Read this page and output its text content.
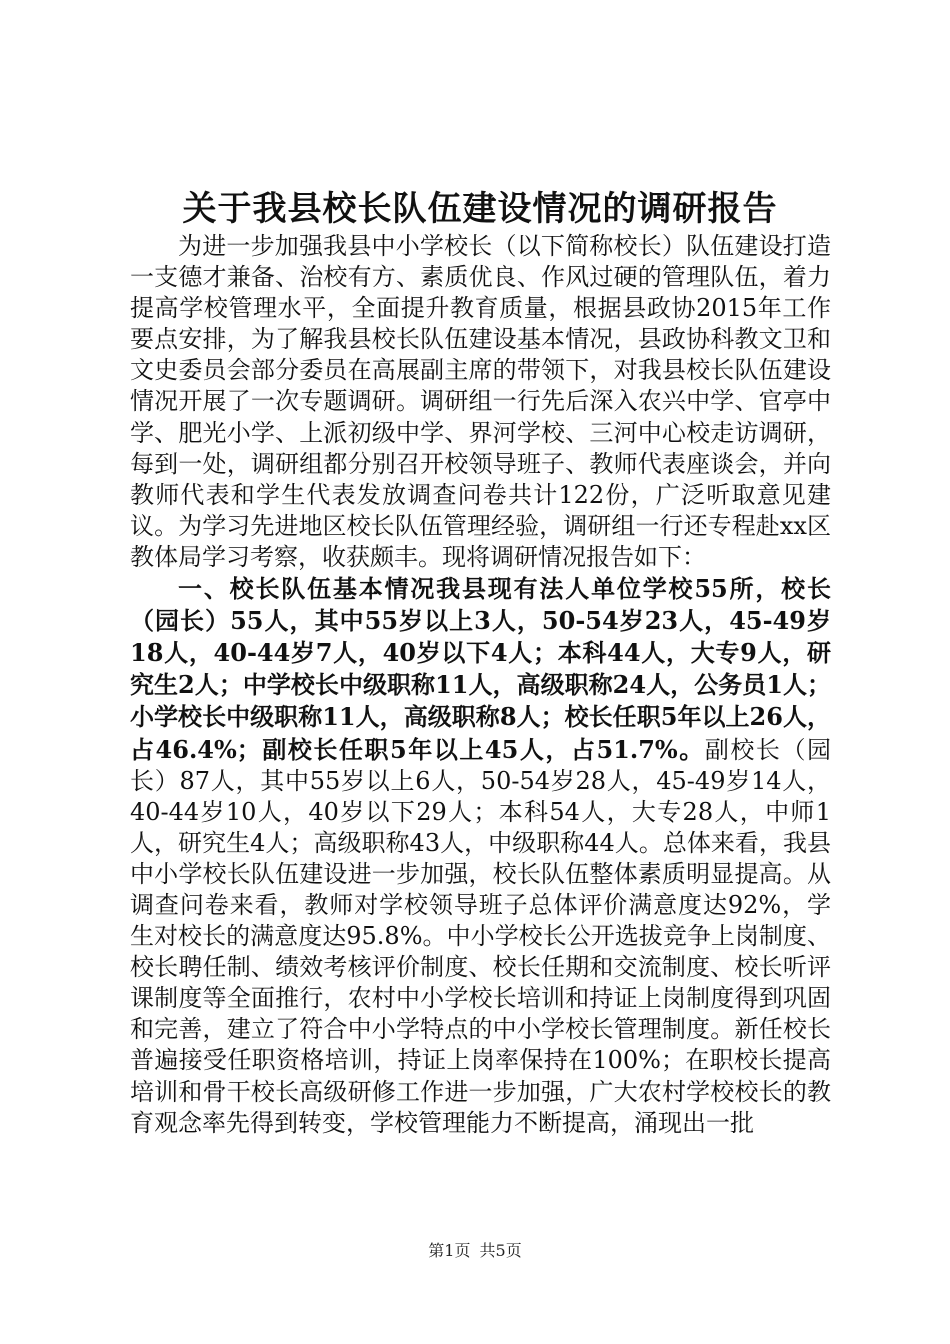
关于我县校长队伍建设情况的调研报告

为进一步加强我县中小学校长（以下简称校长）队伍建设打造一支德才兼备、治校有方、素质优良、作风过硬的管理队伍，着力提高学校管理水平，全面提升教育质量，根据县政协2015年工作要点安排，为了解我县校长队伍建设基本情况，县政协科教文卫和文史委员会部分委员在高展副主席的带领下，对我县校长队伍建设情况开展了一次专题调研。调研组一行先后深入农兴中学、官亭中学、肥光小学、上派初级中学、界河学校、三河中心校走访调研，每到一处，调研组都分别召开校领导班子、教师代表座谈会，并向教师代表和学生代表发放调查问卷共计122份，广泛听取意见建议。为学习先进地区校长队伍管理经验，调研组一行还专程赴xx区教体局学习考察，收获颇丰。现将调研情况报告如下：

一、校长队伍基本情况我县现有法人单位学校55所，校长（园长）55人，其中55岁以上3人，50-54岁23人，45-49岁18人，40-44岁7人，40岁以下4人；本科44人，大专9人，研究生2人；中学校长中级职称11人，高级职称24人，公务员1人；小学校长中级职称11人，高级职称8人；校长任职5年以上26人，占46.4%；副校长任职5年以上45人，占51.7%。副校长（园长）87人，其中55岁以上6人，50-54岁28人，45-49岁14人，40-44岁10人，40岁以下29人；本科54人，大专28人，中师1人，研究生4人；高级职称43人，中级职称44人。总体来看，我县中小学校长队伍建设进一步加强，校长队伍整体素质明显提高。从调查问卷来看，教师对学校领导班子总体评价满意度达92%，学生对校长的满意度达95.8%。中小学校长公开选拔竞争上岗制度、校长聘任制、绩效考核评价制度、校长任期和交流制度、校长听评课制度等全面推行，农村中小学校长培训和持证上岗制度得到巩固和完善，建立了符合中小学特点的中小学校长管理制度。新任校长普遍接受任职资格培训，持证上岗率保持在100%；在职校长提高培训和骨干校长高级研修工作进一步加强，广大农村学校校长的教育观念率先得到转变，学校管理能力不断提高，涌现出一批

第1页 共5页
